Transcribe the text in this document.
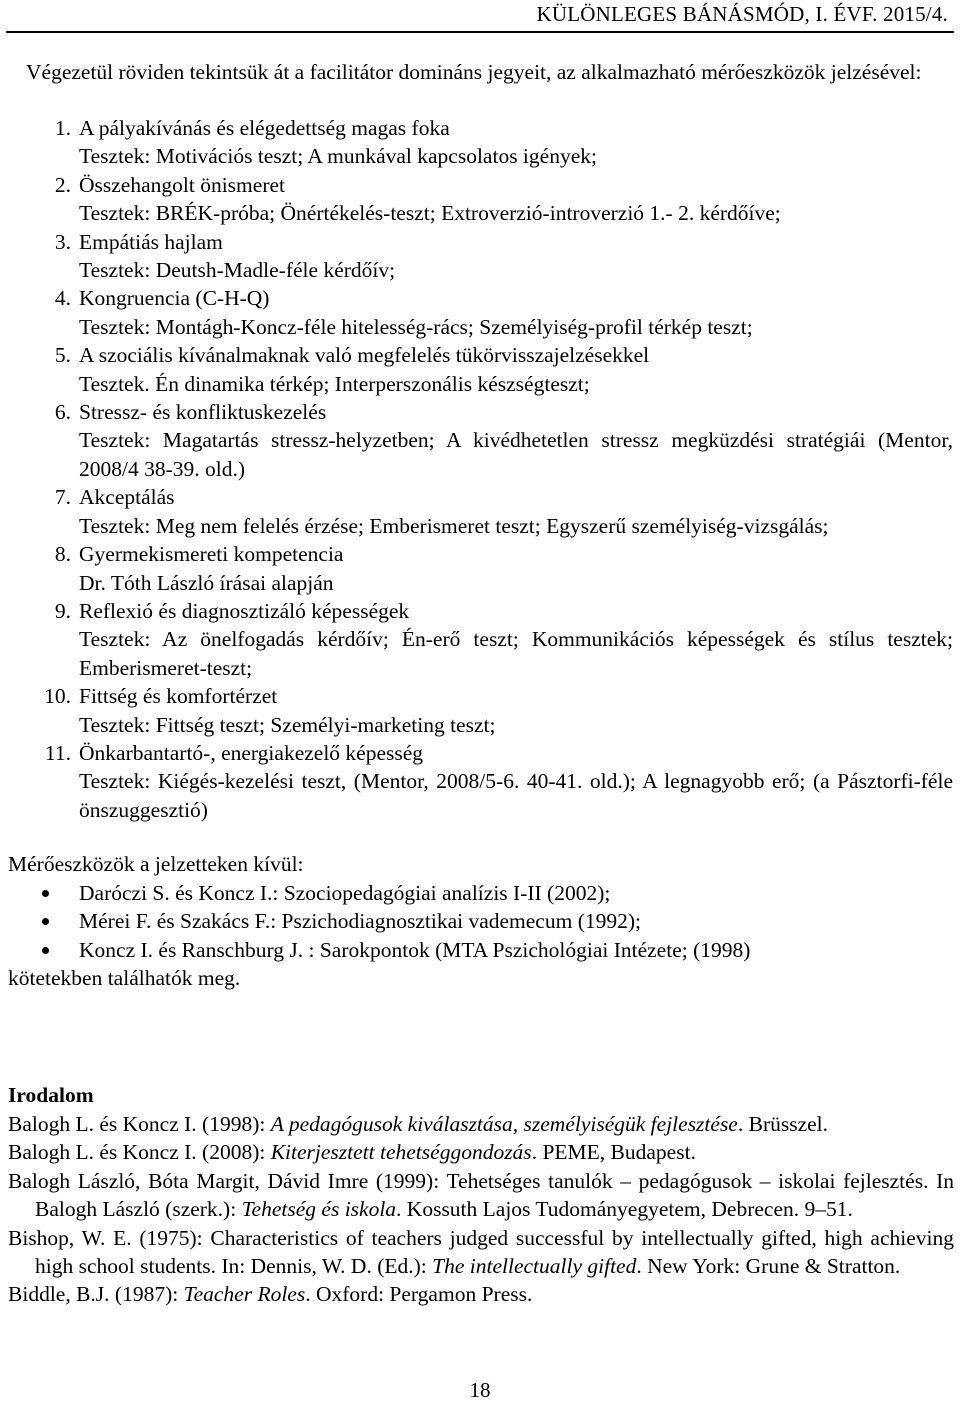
KÜLÖNLEGES BÁNÁSMÓD, I. ÉVF. 2015/4.
Végezetül röviden tekintsük át a facilitátor domináns jegyeit, az alkalmazható mérőeszközök jelzésével:
1. A pályakívánás és elégedettség magas foka
Tesztek: Motivációs teszt; A munkával kapcsolatos igények;
2. Összehangolt önismeret
Tesztek: BRÉK-próba; Önértékelés-teszt; Extroverzió-introverzió 1.- 2. kérdőíve;
3. Empátiás hajlam
Tesztek: Deutsh-Madle-féle kérdőív;
4. Kongruencia (C-H-Q)
Tesztek: Montágh-Koncz-féle hitelesség-rács; Személyiség-profil térkép teszt;
5. A szociális kívánalmaknak való megfelelés tükörvisszajelzésekkel
Tesztek. Én dinamika térkép; Interperszonális készségteszt;
6. Stressz- és konfliktuskezelés
Tesztek: Magatartás stressz-helyzetben; A kivédhetetlen stressz megküzdési stratégiái (Mentor, 2008/4 38-39. old.)
7. Akceptálás
Tesztek: Meg nem felelés érzése; Emberismeret teszt; Egyszerű személyiség-vizsgálás;
8. Gyermekismereti kompetencia
Dr. Tóth László írásai alapján
9. Reflexió és diagnosztizáló képességek
Tesztek: Az önelfogadás kérdőív; Én-erő teszt; Kommunikációs képességek és stílus tesztek; Emberismeret-teszt;
10. Fittség és komfortérzet
Tesztek: Fittség teszt; Személyi-marketing teszt;
11. Önkarbantartó-, energiakezelő képesség
Tesztek: Kiégés-kezelési teszt, (Mentor, 2008/5-6. 40-41. old.); A legnagyobb erő; (a Pásztorfi-féle önszuggesztió)
Mérőeszközök a jelzetteken kívül:
Daróczi S. és Koncz I.: Szociopedagógiai analízis I-II (2002);
Mérei F. és Szakács F.: Pszichodiagnosztikai vademecum (1992);
Koncz I. és Ranschburg J. : Sarokpontok (MTA Pszichológiai Intézete; (1998)
kötetekben találhatók meg.
Irodalom
Balogh L. és Koncz I. (1998): A pedagógusok kiválasztása, személyiségük fejlesztése. Brüsszel.
Balogh L. és Koncz I. (2008): Kiterjesztett tehetséggondozás. PEME, Budapest.
Balogh László, Bóta Margit, Dávid Imre (1999): Tehetséges tanulók – pedagógusok – iskolai fejlesztés. In Balogh László (szerk.): Tehetség és iskola. Kossuth Lajos Tudományegyetem, Debrecen. 9–51.
Bishop, W. E. (1975): Characteristics of teachers judged successful by intellectually gifted, high achieving high school students. In: Dennis, W. D. (Ed.): The intellectually gifted. New York: Grune & Stratton.
Biddle, B.J. (1987): Teacher Roles. Oxford: Pergamon Press.
18
